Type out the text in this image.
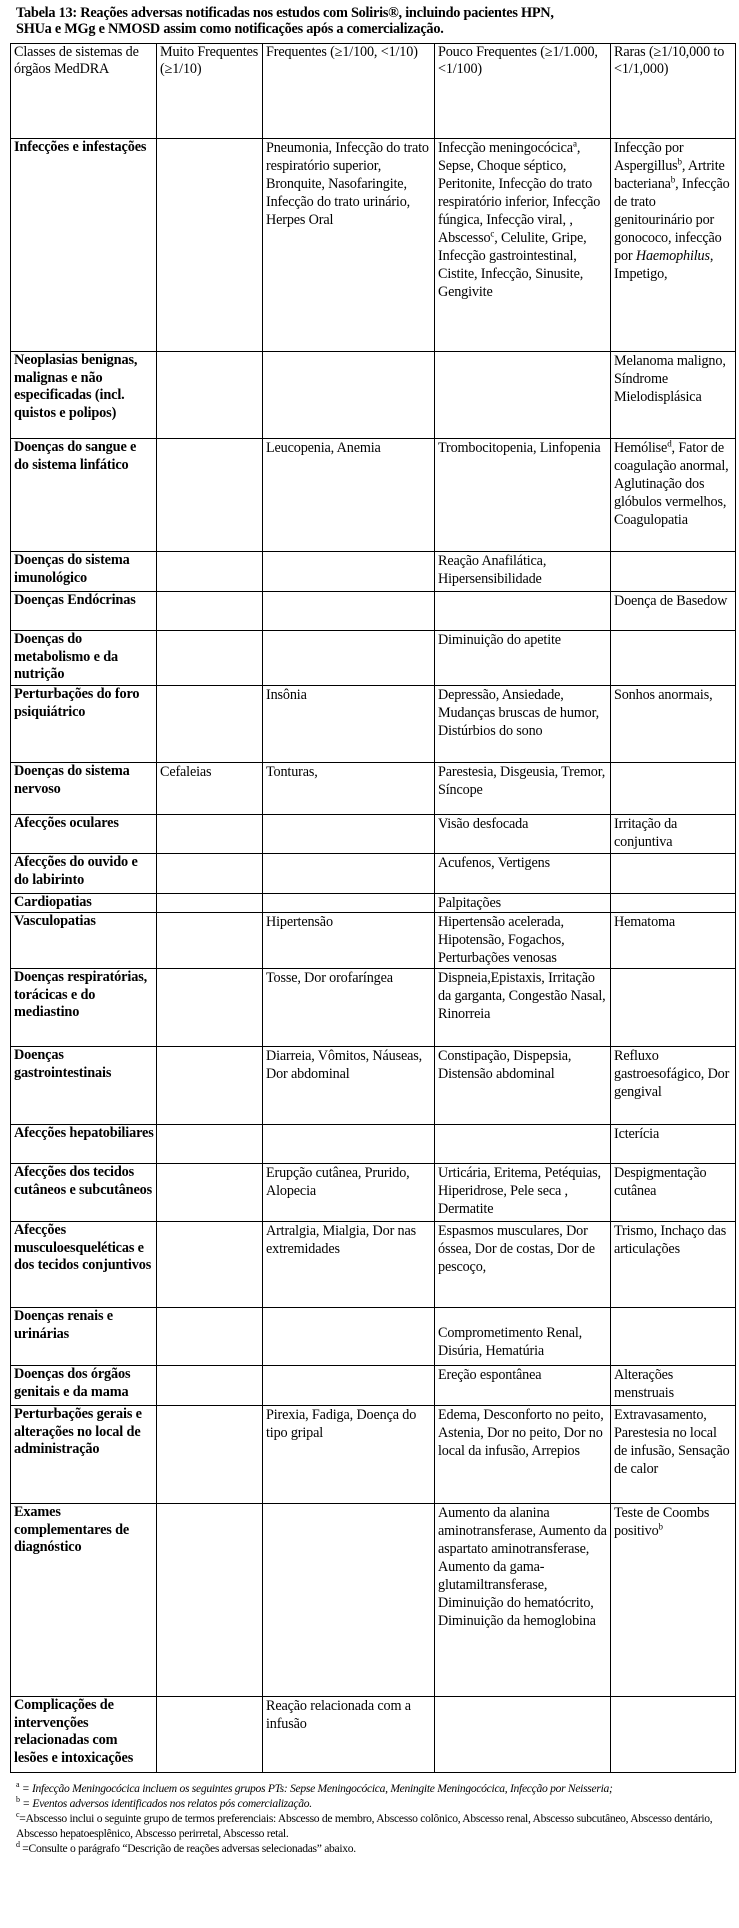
Tabela 13: Reações adversas notificadas nos estudos com Soliris®, incluindo pacientes HPN,
SHUa e MGg e NMOSD assim como notificações após a comercialização.
Classes de sistemas de órgãos MedDRA	Muito Frequentes (≥1/10)	Frequentes (≥1/100, <1/10)	Pouco Frequentes (≥1/1.000, <1/100)	Raras (≥1/10,000 to <1/1,000)
Infecções e infestações		Pneumonia, Infecção do trato respiratório superior, Bronquite, Nasofaringite, Infecção do trato urinário, Herpes Oral	Infecção meningocócica$^a$, Sepse, Choque séptico, Peritonite, Infecção do trato respiratório inferior, Infecção fúngica, Infecção viral, , Abscesso$^c$, Celulite, Gripe, Infecção gastrointestinal, Cistite, Infecção, Sinusite, Gengivite	Infecção por Aspergillus$^b$, Artrite bacteriana$^b$, Infecção de trato genitourinário por gonococo, infecção por Haemophilus, Impetigo,
Neoplasias benignas, malignas e não especificadas (incl. quistos e polipos)				Melanoma maligno, Síndrome Mielodisplásica
Doenças do sangue e do sistema linfático		Leucopenia, Anemia	Trombocitopenia, Linfopenia	Hemólise$^d$, Fator de coagulação anormal, Aglutinação dos glóbulos vermelhos, Coagulopatia
Doenças do sistema imunológico			Reação Anafilática, Hipersensibilidade	
Doenças Endócrinas				Doença de Basedow
Doenças do metabolismo e da nutrição			Diminuição do apetite	
Perturbações do foro psiquiátrico		Insônia	Depressão, Ansiedade, Mudanças bruscas de humor, Distúrbios do sono	Sonhos anormais,
Doenças do sistema nervoso	Cefaleias	Tonturas,	Parestesia, Disgeusia, Tremor, Síncope	
Afecções oculares			Visão desfocada	Irritação da conjuntiva
Afecções do ouvido e do labirinto			Acufenos, Vertigens	
Cardiopatias			Palpitações	
Vasculopatias		Hipertensão	Hipertensão acelerada, Hipotensão, Fogachos, Perturbações venosas	Hematoma
Doenças respiratórias, torácicas e do mediastino		Tosse, Dor orofaríngea	Dispneia,Epistaxis, Irritação da garganta, Congestão Nasal, Rinorreia	
Doenças gastrointestinais		Diarreia, Vômitos, Náuseas, Dor abdominal	Constipação, Dispepsia, Distensão abdominal	Refluxo gastroesofágico, Dor gengival
Afecções hepatobiliares				Icterícia
Afecções dos tecidos cutâneos e subcutâneos		Erupção cutânea, Prurido, Alopecia	Urticária, Eritema, Petéquias, Hiperidrose, Pele seca , Dermatite	Despigmentação cutânea
Afecções musculoesqueléticas e dos tecidos conjuntivos		Artralgia, Mialgia, Dor nas extremidades	Espasmos musculares, Dor óssea, Dor de costas, Dor de pescoço,	Trismo, Inchaço das articulações
Doenças renais e urinárias			Comprometimento Renal, Disúria, Hematúria	
Doenças dos órgãos genitais e da mama			Ereção espontânea	Alterações menstruais
Perturbações gerais e alterações no local de administração		Pirexia, Fadiga, Doença do tipo gripal	Edema, Desconforto no peito, Astenia, Dor no peito, Dor no local da infusão, Arrepios	Extravasamento, Parestesia no local de infusão, Sensação de calor
Exames complementares de diagnóstico			Aumento da alanina aminotransferase, Aumento da aspartato aminotransferase, Aumento da gama-glutamiltransferase, Diminuição do hematócrito, Diminuição da hemoglobina	Teste de Coombs positivo$^b$
Complicações de intervenções relacionadas com lesões e intoxicações		Reação relacionada com a infusão		
$^a$ = Infecção Meningocócica incluem os seguintes grupos PTs: Sepse Meningocócica, Meningite Meningocócica, Infecção por Neisseria;
$^b$ = Eventos adversos identificados nos relatos pós comercialização.
$^c$=Abscesso inclui o seguinte grupo de termos preferenciais: Abscesso de membro, Abscesso colônico, Abscesso renal, Abscesso subcutâneo, Abscesso dentário, Abscesso hepatoesplênico, Abscesso perirretal, Abscesso retal.
$^d$ =Consulte o parágrafo “Descrição de reações adversas selecionadas” abaixo.
